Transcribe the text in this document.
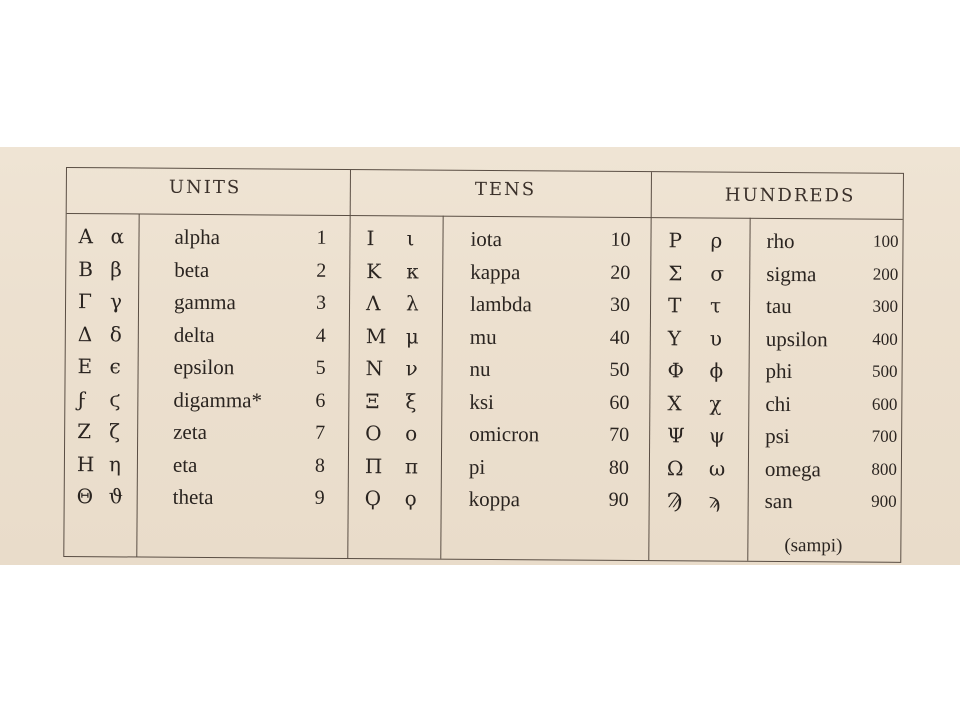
UNITS	TENS	HUNDREDS
Α α alpha	1
Β β beta	2
Γ γ gamma	3
Δ δ delta	4
Ε ϵ	epsilon	5
ϝ ϛ	digamma*	6
Ζ ζ	zeta	7
Η η eta	8
Θ ϑ theta	9
Ι ι	iota	10
Κ κ kappa	20
Λ λ lambda	30
Μ μ mu	40
Ν ν nu	50
Ξ ξ	ksi	60
Ο ο omicron	70
Π π pi	80
Ϙ ϙ koppa	90
Ρ ρ rho	100
Σ σ sigma	200
Τ τ tau	300
Υ υ upsilon	400
Φ ϕ phi	500
Χ χ chi	600
Ψ ψ psi	700
Ω ω omega	800
Ϡ ϡ san	900
(sampi)
